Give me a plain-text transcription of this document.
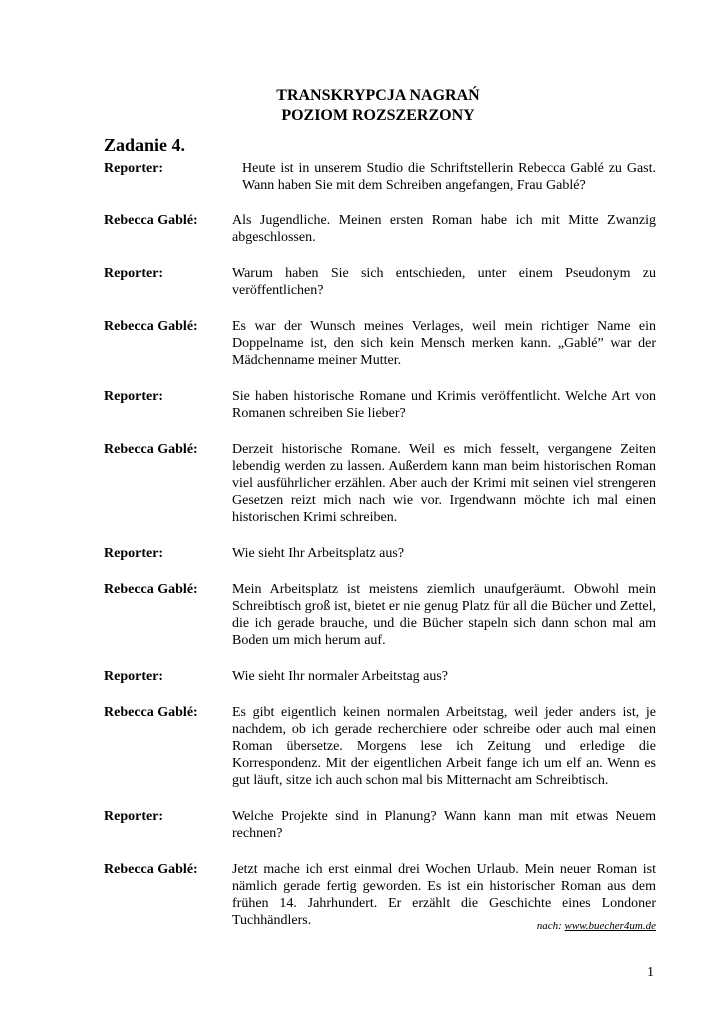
TRANSKRYPCJA NAGRAŃ
POZIOM ROZSZERZONY
Zadanie 4.
Reporter:	Heute ist in unserem Studio die Schriftstellerin Rebecca Gablé zu Gast. Wann haben Sie mit dem Schreiben angefangen, Frau Gablé?
Rebecca Gablé:	Als Jugendliche. Meinen ersten Roman habe ich mit Mitte Zwanzig abgeschlossen.
Reporter:	Warum haben Sie sich entschieden, unter einem Pseudonym zu veröffentlichen?
Rebecca Gablé:	Es war der Wunsch meines Verlages, weil mein richtiger Name ein Doppelname ist, den sich kein Mensch merken kann. „Gablé” war der Mädchenname meiner Mutter.
Reporter:	Sie haben historische Romane und Krimis veröffentlicht. Welche Art von Romanen schreiben Sie lieber?
Rebecca Gablé:	Derzeit historische Romane. Weil es mich fesselt, vergangene Zeiten lebendig werden zu lassen. Außerdem kann man beim historischen Roman viel ausführlicher erzählen. Aber auch der Krimi mit seinen viel strengeren Gesetzen reizt mich nach wie vor. Irgendwann möchte ich mal einen historischen Krimi schreiben.
Reporter:	Wie sieht Ihr Arbeitsplatz aus?
Rebecca Gablé:	Mein Arbeitsplatz ist meistens ziemlich unaufgeräumt. Obwohl mein Schreibtisch groß ist, bietet er nie genug Platz für all die Bücher und Zettel, die ich gerade brauche, und die Bücher stapeln sich dann schon mal am Boden um mich herum auf.
Reporter:	Wie sieht Ihr normaler Arbeitstag aus?
Rebecca Gablé:	Es gibt eigentlich keinen normalen Arbeitstag, weil jeder anders ist, je nachdem, ob ich gerade recherchiere oder schreibe oder auch mal einen Roman übersetze. Morgens lese ich Zeitung und erledige die Korrespondenz. Mit der eigentlichen Arbeit fange ich um elf an. Wenn es gut läuft, sitze ich auch schon mal bis Mitternacht am Schreibtisch.
Reporter:	Welche Projekte sind in Planung? Wann kann man mit etwas Neuem rechnen?
Rebecca Gablé:	Jetzt mache ich erst einmal drei Wochen Urlaub. Mein neuer Roman ist nämlich gerade fertig geworden. Es ist ein historischer Roman aus dem frühen 14. Jahrhundert. Er erzählt die Geschichte eines Londoner Tuchhändlers.	nach: www.buecher4um.de
1
